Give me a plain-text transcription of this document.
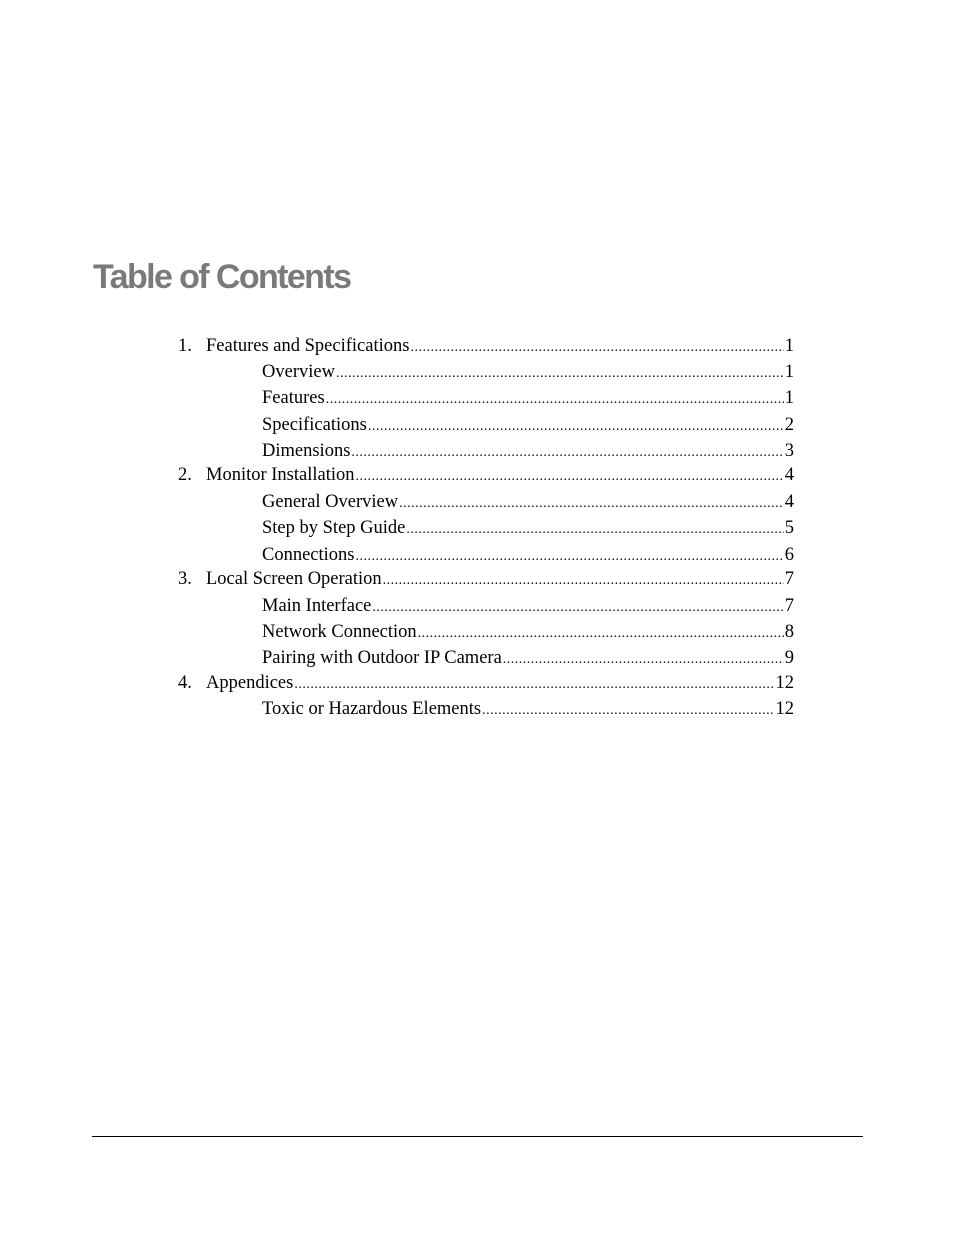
Table of Contents
1. Features and Specifications .....	1
Overview .....	1
Features .....	1
Specifications .....	2
Dimensions .....	3
2. Monitor Installation .....	4
General Overview .....	4
Step by Step Guide .....	5
Connections .....	6
3. Local Screen Operation .....	7
Main Interface .....	7
Network Connection .....	8
Pairing with Outdoor IP Camera .....	9
4. Appendices .....	12
Toxic or Hazardous Elements .....	12
